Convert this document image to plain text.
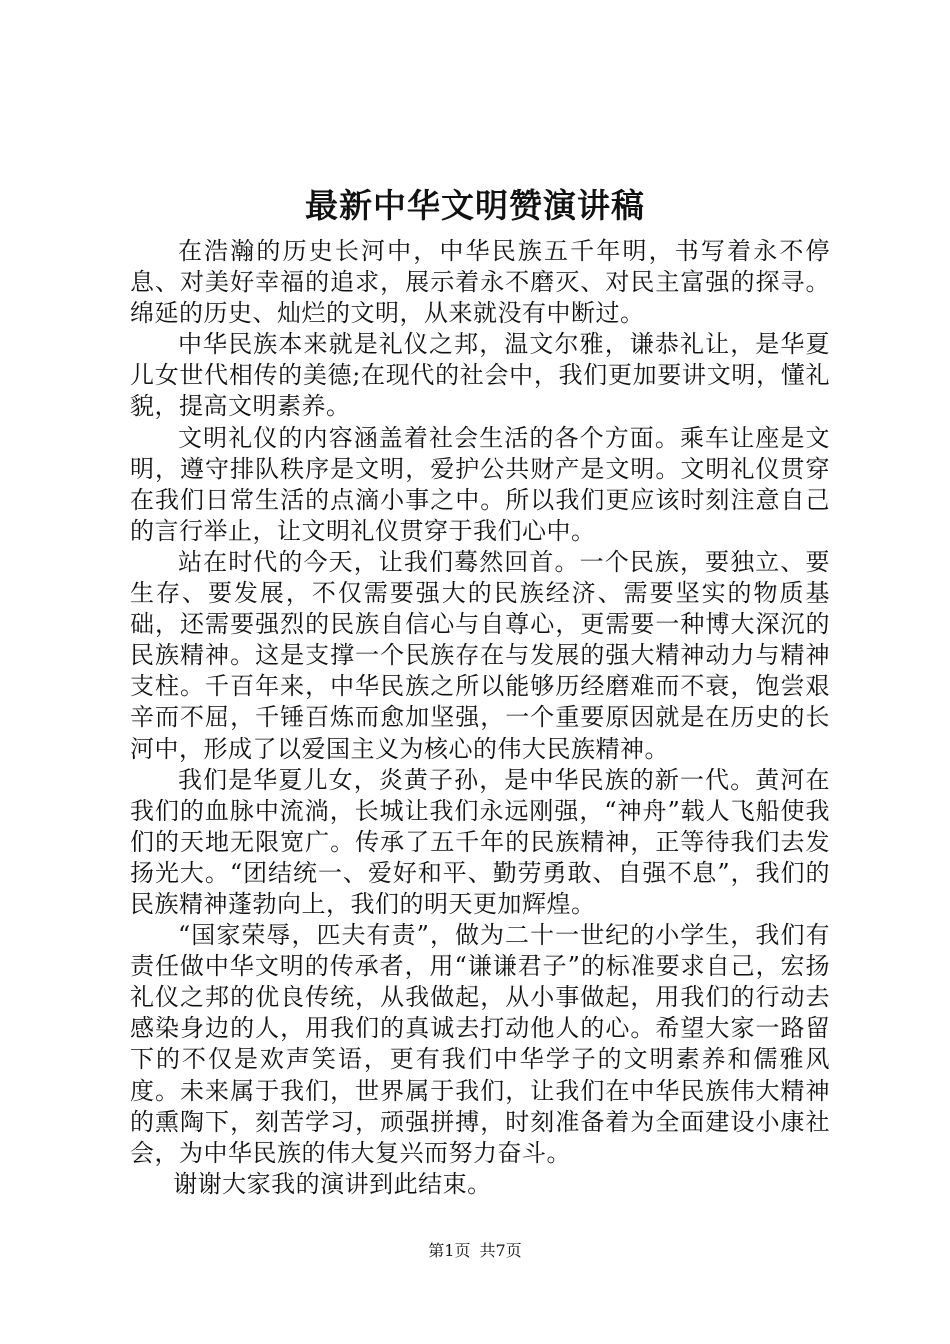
最新中华文明赞演讲稿

在浩瀚的历史长河中，中华民族五千年明，书写着永不停息、对美好幸福的追求，展示着永不磨灭、对民主富强的探寻。绵延的历史、灿烂的文明，从来就没有中断过。

中华民族本来就是礼仪之邦，温文尔雅，谦恭礼让，是华夏儿女世代相传的美德;在现代的社会中，我们更加要讲文明，懂礼貌，提高文明素养。

文明礼仪的内容涵盖着社会生活的各个方面。乘车让座是文明，遵守排队秩序是文明，爱护公共财产是文明。文明礼仪贯穿在我们日常生活的点滴小事之中。所以我们更应该时刻注意自己的言行举止，让文明礼仪贯穿于我们心中。

站在时代的今天，让我们蓦然回首。一个民族，要独立、要生存、要发展，不仅需要强大的民族经济、需要坚实的物质基础，还需要强烈的民族自信心与自尊心，更需要一种博大深沉的民族精神。这是支撑一个民族存在与发展的强大精神动力与精神支柱。千百年来，中华民族之所以能够历经磨难而不衰，饱尝艰辛而不屈，千锤百炼而愈加坚强，一个重要原因就是在历史的长河中，形成了以爱国主义为核心的伟大民族精神。

我们是华夏儿女，炎黄子孙，是中华民族的新一代。黄河在我们的血脉中流淌，长城让我们永远刚强，“神舟”载人飞船使我们的天地无限宽广。传承了五千年的民族精神，正等待我们去发扬光大。“团结统一、爱好和平、勤劳勇敢、自强不息”，我们的民族精神蓬勃向上，我们的明天更加辉煌。

“国家荣辱，匹夫有责”，做为二十一世纪的小学生，我们有责任做中华文明的传承者，用“谦谦君子”的标准要求自己，宏扬礼仪之邦的优良传统，从我做起，从小事做起，用我们的行动去感染身边的人，用我们的真诚去打动他人的心。希望大家一路留下的不仅是欢声笑语，更有我们中华学子的文明素养和儒雅风度。未来属于我们，世界属于我们，让我们在中华民族伟大精神的熏陶下，刻苦学习，顽强拼搏，时刻准备着为全面建设小康社会，为中华民族的伟大复兴而努力奋斗。

谢谢大家我的演讲到此结束。

第1页 共7页
